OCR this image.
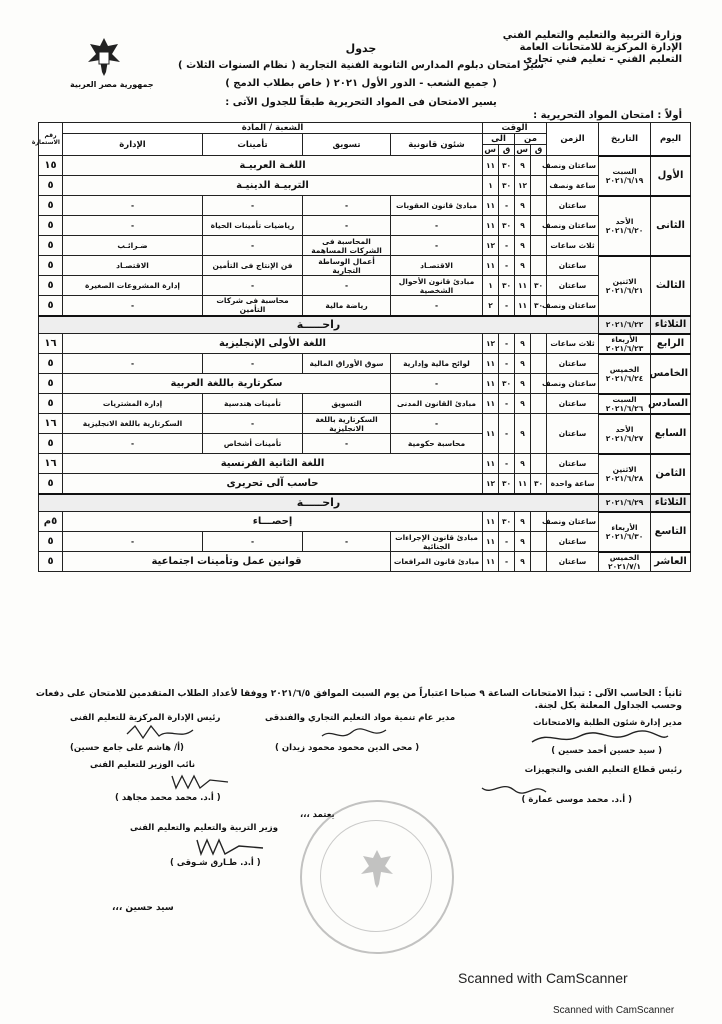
وزارة التربية والتعليم والتعليم الفني
الإدارة المركزية للامتحانات العامة
التعليم الفني - تعليم فني تجاري
جمهورية مصر العربية
جدول
سير امتحان دبلوم المدارس الثانوية الفنية التجارية ( نظام السنوات الثلاث )
( جميع الشعب - الدور الأول ٢٠٢١ ( خاص بطلاب الدمج )
يسير الامتحان فى المواد التحريرية طبقاً للجدول الآتى :
أولاً : امتحان المواد التحريرية :
اليوم	التاريخ	الزمن	الوقت				الشعبة / المادة				رقم الاستمارة
			من		الى		شئون قانونية	تسويق	تأمينات	الإدارة	
			ق	س	ق	س					
الأول	السبت ٢٠٢١/٦/١٩	ساعتان ونصف		٩	٣٠	١١	اللغـة العربيـة				١٥
		ساعة ونصف		١٢	٣٠	١	التربيـة الدينيـة				٥
الثانى	الأحد ٢٠٢١/٦/٢٠	ساعتان		٩	-	١١	مبادئ قانون العقوبات	-	-	-	٥
		ساعتان ونصف		٩	٣٠	١١	-	-	رياضيات تأمينات الحياة	-	٥
		ثلاث ساعات		٩	-	١٢	-	المحاسبة فى الشركات المساهمة	-	ضـرائـب	٥
الثالث	الاثنين ٢٠٢١/٦/٢١	ساعتان		٩	-	١١	الاقتصـاد	أعمال الوساطة التجارية	فن الإنتاج فى التأمين	الاقتصـاد	٥
		ساعتان	٣٠	١١	٣٠	١	مبادئ قانون الأحوال الشخصية	-	-	إدارة المشروعات الصغيرة	٥
		ساعتان ونصف	٣٠	١١	-	٢	-	رياضة مالية	محاسبة فى شركات التأمين	-	٥
الثلاثاء	٢٠٢١/٦/٢٢	راحـــــة									
الرابع	الأربعاء ٢٠٢١/٦/٢٣	ثلاث ساعات		٩	-	١٢	اللغة الأولى الإنجليزية				١٦
الخامس	الخميس ٢٠٢١/٦/٢٤	ساعتان		٩	-	١١	لوائح مالية وإدارية	سوق الأوراق المالية	-	-	٥
		ساعتان ونصف		٩	٣٠	١١	-	سكرتارية باللغة العربية			٥
السادس	السبت ٢٠٢١/٦/٢٦	ساعتان		٩	-	١١	مبادئ القانون المدنى	التسويق	تأمينات هندسية	إدارة المشتريات	٥
السابع	الأحد ٢٠٢١/٦/٢٧	ساعتان		٩	-	١١	-	السكرتارية باللغة الانجليزية	-	السكرتارية باللغة الانجليزية	١٦
							محاسبة حكومية	-	تأمينات أشخاص	-	٥
الثامن	الاثنين ٢٠٢١/٦/٢٨	ساعتان		٩	-	١١	اللغة الثانية الفرنسية				١٦
		ساعة واحدة	٣٠	١١	٣٠	١٢	حاسب آلى تحريرى				٥
الثلاثاء	٢٠٢١/٦/٢٩	راحـــــة									
التاسع	الأربعاء ٢٠٢١/٦/٣٠	ساعتان ونصف		٩	٣٠	١١	إحصـــاء				٥م
		ساعتان		٩	-	١١	مبادئ قانون الإجراءات الجنائية	-	-	-	٥
العاشر	الخميس ٢٠٢١/٧/١	ساعتان		٩	-	١١	مبادئ قانون المرافعات	قوانين عمل وتأمينات اجتماعية			٥
ثانياً : الحاسب الآلى : تبدأ الامتحانات الساعة ٩ صباحا اعتباراً من يوم السبت الموافق ٢٠٢١/٦/٥ ووفقا لأعداد الطلاب المتقدمين للامتحان على دفعات وحسب الجداول المعلنة بكل لجنة.
مدير إدارة شئون الطلبة والامتحانات
( سيد حسين أحمد حسين )
مدير عام تنمية مواد التعليم التجاري والفندقى
( محى الدين محمود محمود زيدان )
رئيس الإدارة المركزية للتعليم الفنى
(أ/ هاشم على جامع حسين)
رئيس قطاع التعليم الفنى والتجهيزات
( أ.د. محمد موسى عمارة )
نائب الوزير للتعليم الفنى
( أ.د. محمد محمد مجاهد )
يعتمد ،،،
وزير التربية والتعليم والتعليم الفنى
( أ.د. طـارق شـوقى )
سيد حسين ،،،
Scanned with CamScanner
Scanned with CamScanner
